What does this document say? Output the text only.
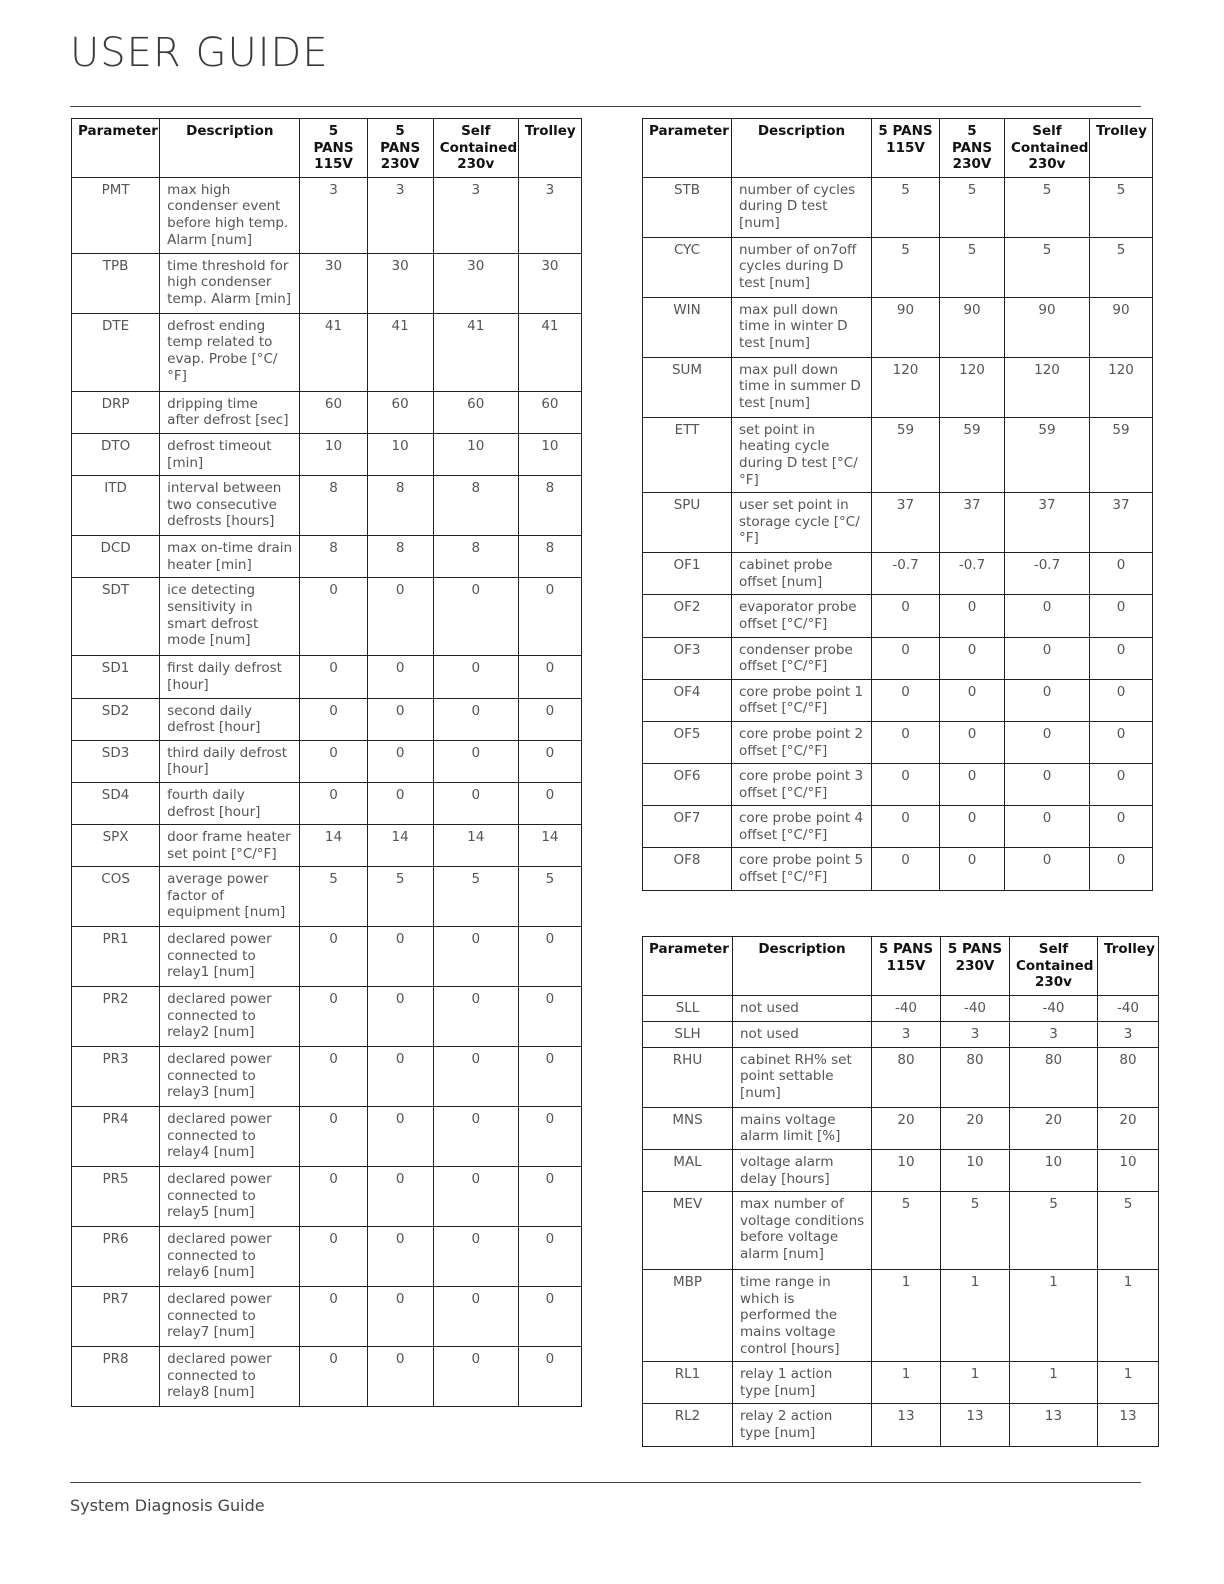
USER GUIDE
Parameter	Description	5 PANS 115V	5 PANS 230V	Self Contained 230v	Trolley
PMT	max high condenser event before high temp. Alarm [num]	3	3	3	3
TPB	time threshold for high condenser temp. Alarm [min]	30	30	30	30
DTE	defrost ending temp related to evap. Probe [°C/°F]	41	41	41	41
DRP	dripping time after defrost [sec]	60	60	60	60
DTO	defrost timeout [min]	10	10	10	10
ITD	interval between two consecutive defrosts [hours]	8	8	8	8
DCD	max on-time drain heater [min]	8	8	8	8
SDT	ice detecting sensitivity in smart defrost mode [num]	0	0	0	0
SD1	first daily defrost [hour]	0	0	0	0
SD2	second daily defrost [hour]	0	0	0	0
SD3	third daily defrost [hour]	0	0	0	0
SD4	fourth daily defrost [hour]	0	0	0	0
SPX	door frame heater set point [°C/°F]	14	14	14	14
COS	average power factor of equipment [num]	5	5	5	5
PR1	declared power connected to relay1 [num]	0	0	0	0
PR2	declared power connected to relay2 [num]	0	0	0	0
PR3	declared power connected to relay3 [num]	0	0	0	0
PR4	declared power connected to relay4 [num]	0	0	0	0
PR5	declared power connected to relay5 [num]	0	0	0	0
PR6	declared power connected to relay6 [num]	0	0	0	0
PR7	declared power connected to relay7 [num]	0	0	0	0
PR8	declared power connected to relay8 [num]	0	0	0	0
Parameter	Description	5 PANS 115V	5 PANS 230V	Self Contained 230v	Trolley
STB	number of cycles during D test [num]	5	5	5	5
CYC	number of on7off cycles during D test [num]	5	5	5	5
WIN	max pull down time in winter D test [num]	90	90	90	90
SUM	max pull down time in summer D test [num]	120	120	120	120
ETT	set point in heating cycle during D test [°C/°F]	59	59	59	59
SPU	user set point in storage cycle [°C/°F]	37	37	37	37
OF1	cabinet probe offset [num]	-0.7	-0.7	-0.7	0
OF2	evaporator probe offset [°C/°F]	0	0	0	0
OF3	condenser probe offset [°C/°F]	0	0	0	0
OF4	core probe point 1 offset [°C/°F]	0	0	0	0
OF5	core probe point 2 offset [°C/°F]	0	0	0	0
OF6	core probe point 3 offset [°C/°F]	0	0	0	0
OF7	core probe point 4 offset [°C/°F]	0	0	0	0
OF8	core probe point 5 offset [°C/°F]	0	0	0	0
Parameter	Description	5 PANS 115V	5 PANS 230V	Self Contained 230v	Trolley
SLL	not used	-40	-40	-40	-40
SLH	not used	3	3	3	3
RHU	cabinet RH% set point settable [num]	80	80	80	80
MNS	mains voltage alarm limit [%]	20	20	20	20
MAL	voltage alarm delay [hours]	10	10	10	10
MEV	max number of voltage conditions before voltage alarm [num]	5	5	5	5
MBP	time range in which is performed the mains voltage control [hours]	1	1	1	1
RL1	relay 1 action type [num]	1	1	1	1
RL2	relay 2 action type [num]	13	13	13	13
System Diagnosis Guide
